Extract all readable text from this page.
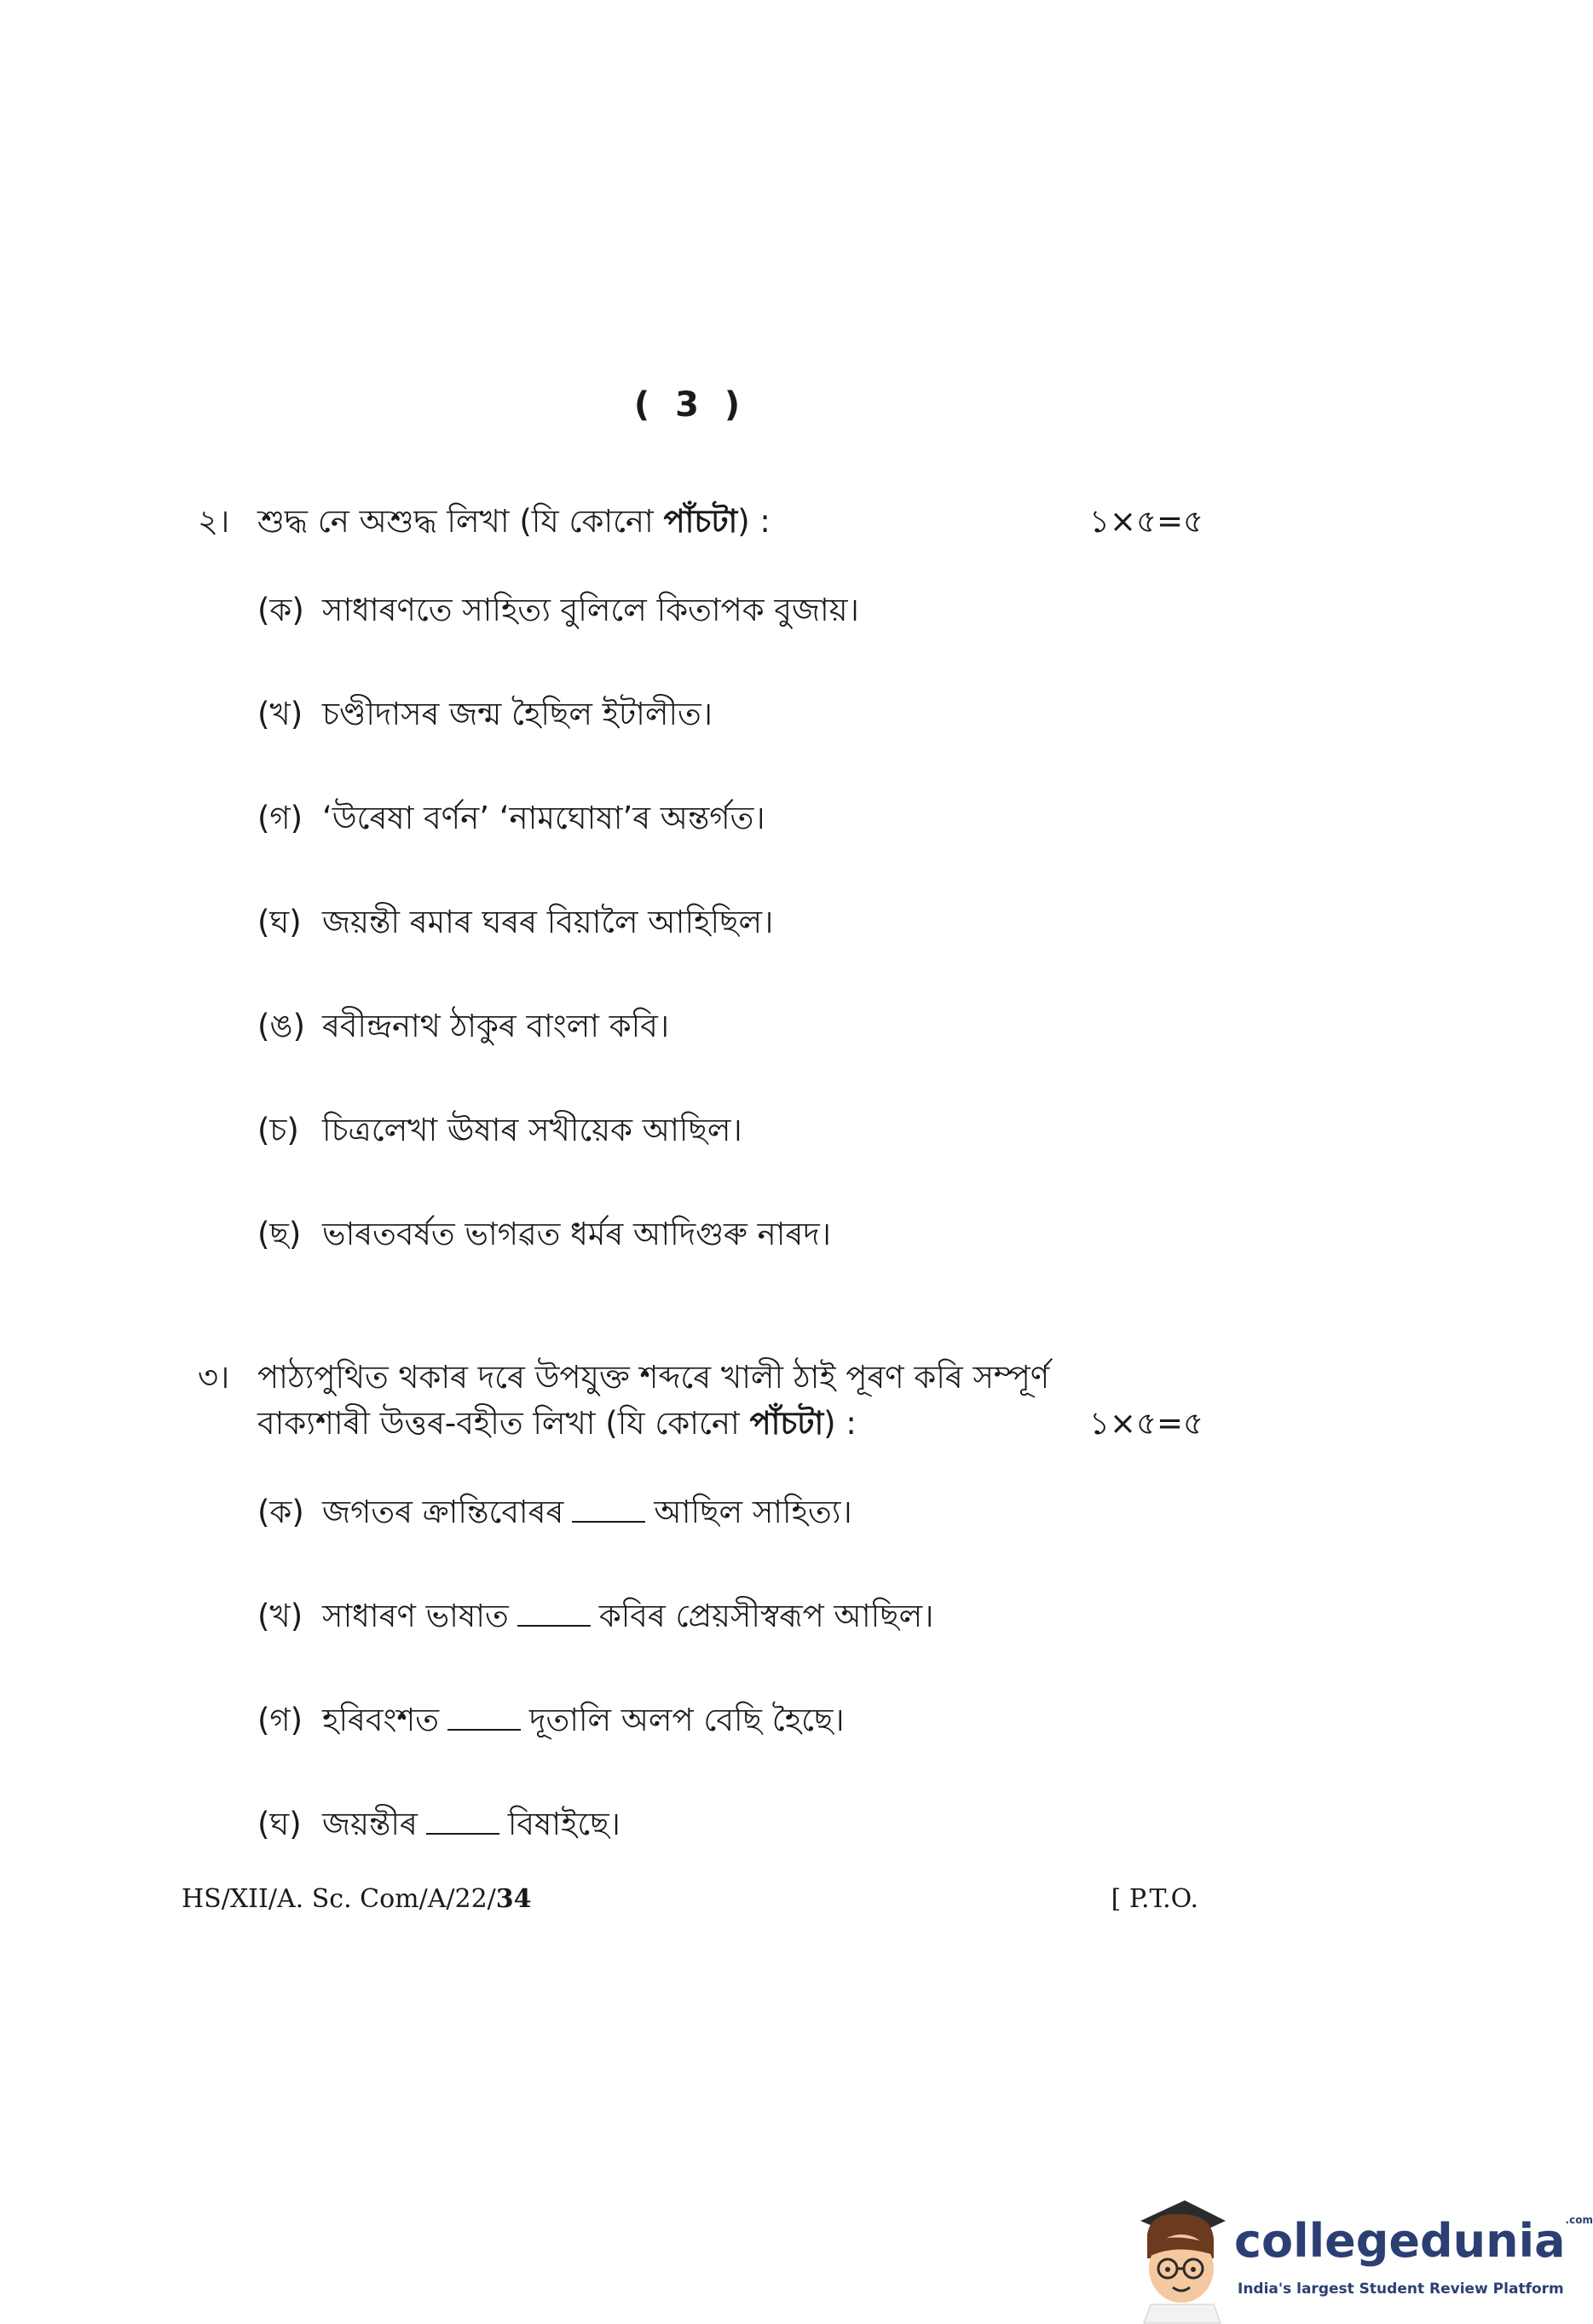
( 3 )
২। শুদ্ধ নে অশুদ্ধ লিখা (যি কোনো পাঁচটা) :	১×৫=৫
(ক) সাধাৰণতে সাহিত্য বুলিলে কিতাপক বুজায়।
(খ) চণ্ডীদাসৰ জন্ম হৈছিল ইটালীত।
(গ) ‘উৰেষা বৰ্ণন’ ‘নামঘোষা’ৰ অন্তৰ্গত।
(ঘ) জয়ন্তী ৰমাৰ ঘৰৰ বিয়ালৈ আহিছিল।
(ঙ) ৰবীন্দ্ৰনাথ ঠাকুৰ বাংলা কবি।
(চ) চিত্ৰলেখা ঊষাৰ সখীয়েক আছিল।
(ছ) ভাৰতবৰ্ষত ভাগৱত ধৰ্মৰ আদিগুৰু নাৰদ।
৩। পাঠ্যপুথিত থকাৰ দৰে উপযুক্ত শব্দৰে খালী ঠাই পূৰণ কৰি সম্পূৰ্ণ
বাক্যশাৰী উত্তৰ-বহীত লিখা (যি কোনো পাঁচটা) :	১×৫=৫
(ক) জগতৰ ক্ৰান্তিবোৰৰ	আছিল সাহিত্য।
(খ) সাধাৰণ ভাষাত	কবিৰ প্ৰেয়সীস্বৰূপ আছিল।
(গ) হৰিবংশত	দূতালি অলপ বেছি হৈছে।
(ঘ) জয়ন্তীৰ	বিষাইছে।
HS/XII/A. Sc. Com/A/22/34	[ P.T.O.
collegedunia$^{.com}$
India's largest Student Review Platform
